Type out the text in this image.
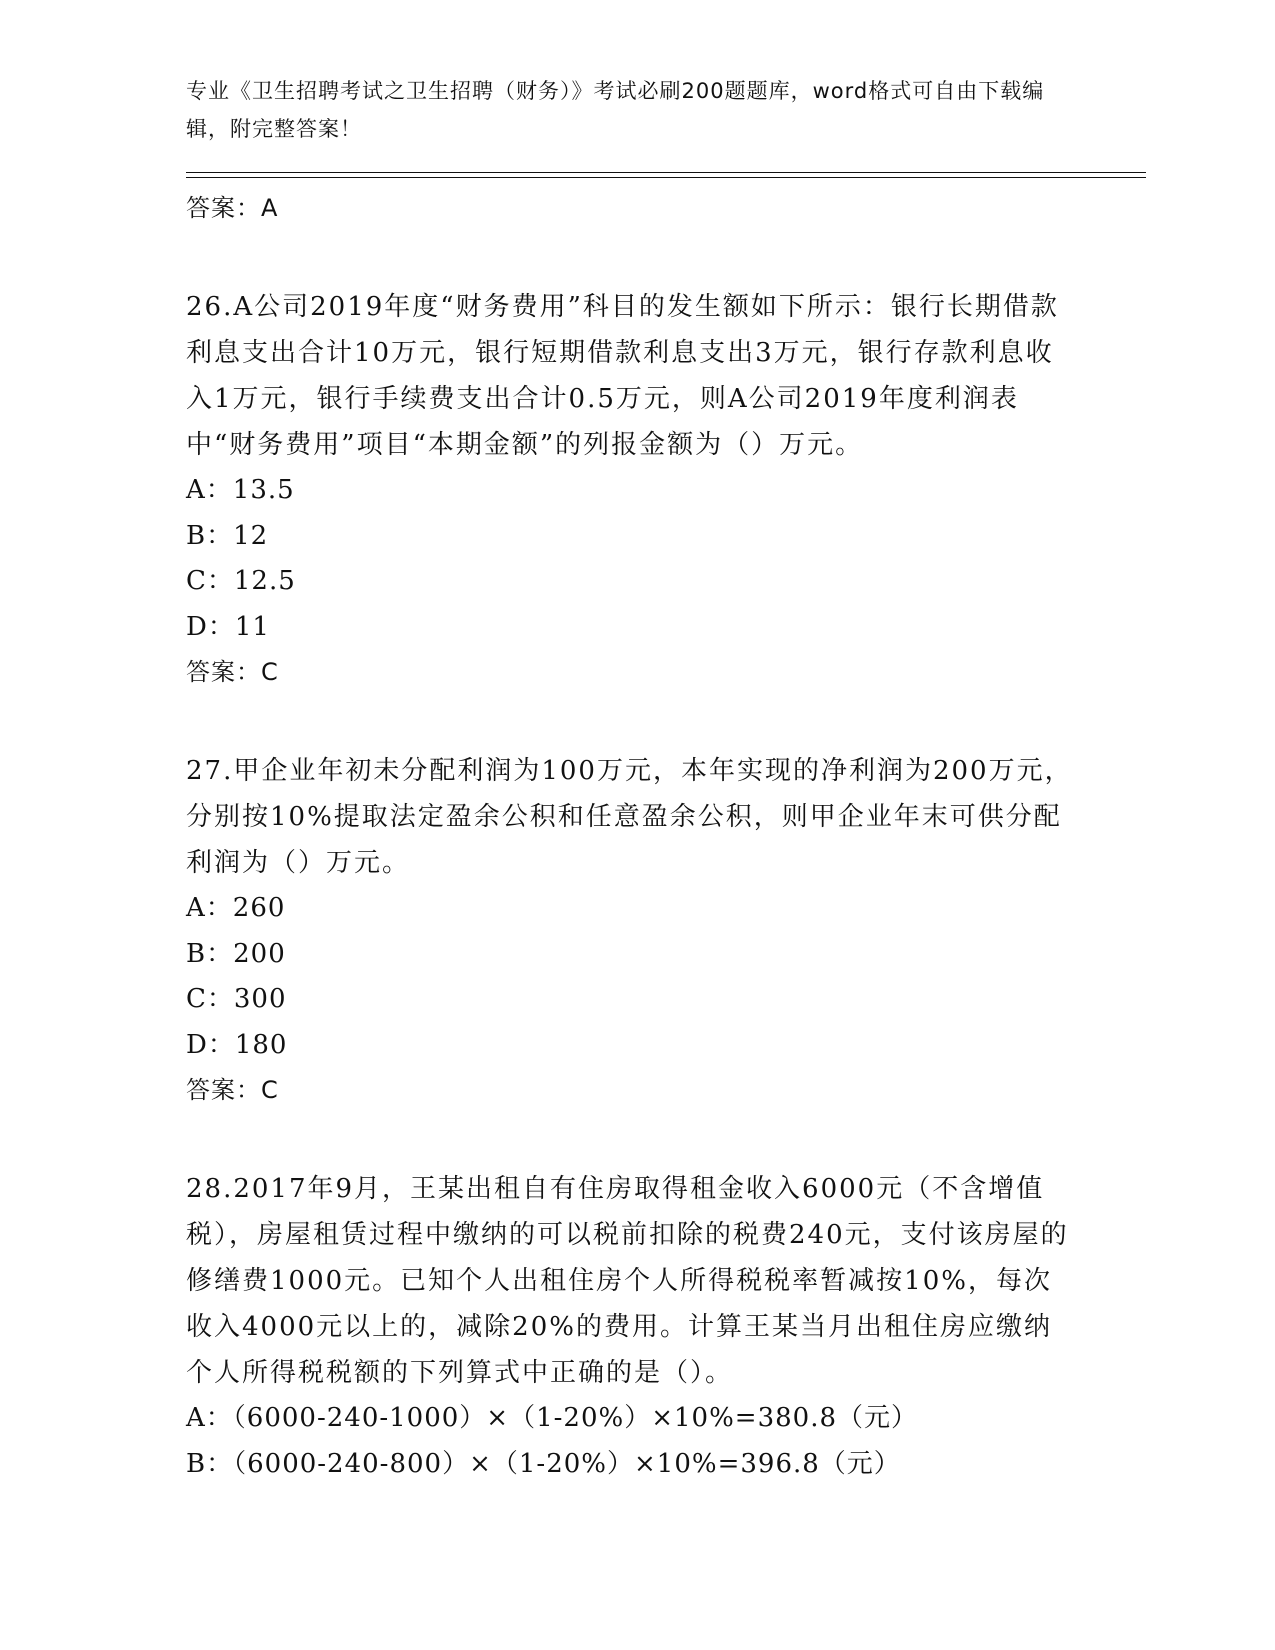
专业《卫生招聘考试之卫生招聘（财务）》考试必刷200题题库，word格式可自由下载编辑，附完整答案！

答案：A

26.A公司2019年度“财务费用”科目的发生额如下所示：银行长期借款利息支出合计10万元，银行短期借款利息支出3万元，银行存款利息收入1万元，银行手续费支出合计0.5万元，则A公司2019年度利润表中“财务费用”项目“本期金额”的列报金额为（）万元。

A：13.5

B：12

C：12.5

D：11

答案：C

27.甲企业年初未分配利润为100万元，本年实现的净利润为200万元，分别按10%提取法定盈余公积和任意盈余公积，则甲企业年末可供分配利润为（）万元。

A：260

B：200

C：300

D：180

答案：C

28.2017年9月，王某出租自有住房取得租金收入6000元（不含增值税），房屋租赁过程中缴纳的可以税前扣除的税费240元，支付该房屋的修缮费1000元。已知个人出租住房个人所得税税率暂减按10%，每次收入4000元以上的，减除20%的费用。计算王某当月出租住房应缴纳个人所得税税额的下列算式中正确的是（）。

A：（6000-240-1000）×（1-20%）×10%=380.8（元）

B：（6000-240-800）×（1-20%）×10%=396.8（元）
